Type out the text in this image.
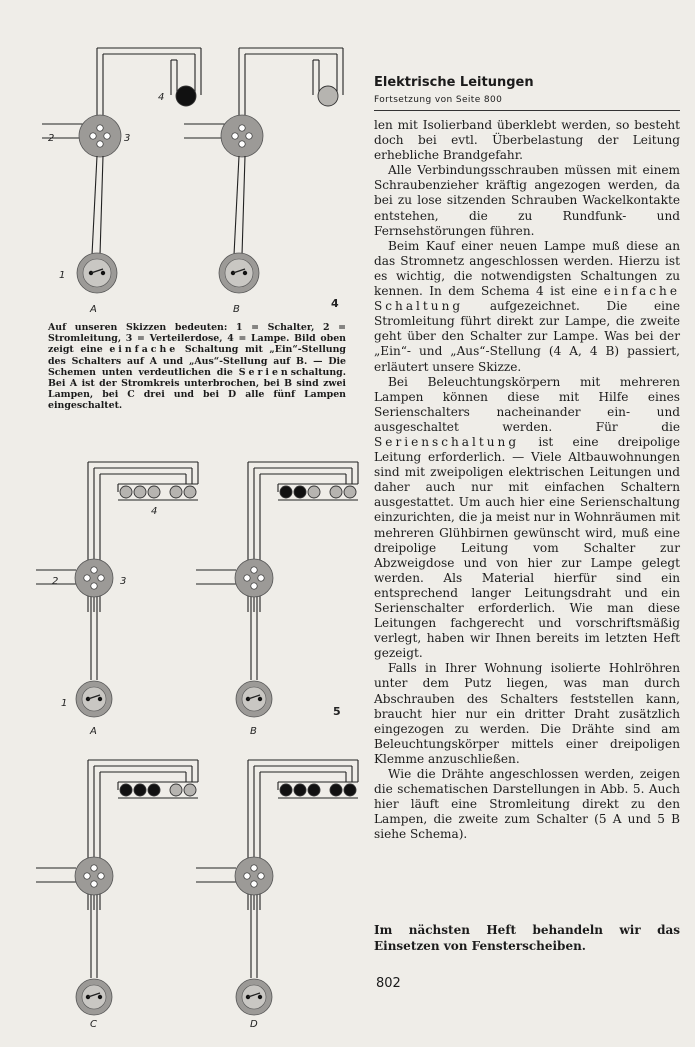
4
2	3
1
A	B	4
4
2	3
1
A	B
C	D
5
Elektrische Leitungen
Fortsetzung von Seite 800

len mit Isolierband überklebt werden, so besteht doch bei evtl. Überbelastung der Leitung erhebliche Brandgefahr.

Alle Verbindungsschrauben müssen mit einem Schraubenzieher kräftig angezogen werden, da bei zu lose sitzenden Schrauben Wackelkontakte entstehen, die zu Rundfunk- und Fernsehstörungen führen.

Beim Kauf einer neuen Lampe muß diese an das Stromnetz angeschlossen werden. Hierzu ist es wichtig, die notwendigsten Schaltungen zu kennen. In dem Schema 4 ist eine einfache Schaltung aufgezeichnet. Die eine Stromleitung führt direkt zur Lampe, die zweite geht über den Schalter zur Lampe. Was bei der „Ein“- und „Aus“-Stellung (4 A, 4 B) passiert, erläutert unsere Skizze.

Bei Beleuchtungskörpern mit mehreren Lampen können diese mit Hilfe eines Serienschalters nacheinander ein- und ausgeschaltet werden. Für die Serienschaltung ist eine dreipolige Leitung erforderlich. — Viele Altbauwohnungen sind mit zweipoligen elektrischen Leitungen und daher auch nur mit einfachen Schaltern ausgestattet. Um auch hier eine Serienschaltung einzurichten, die ja meist nur in Wohnräumen mit mehreren Glühbirnen gewünscht wird, muß eine dreipolige Leitung vom Schalter zur Abzweigdose und von hier zur Lampe gelegt werden. Als Material hierfür sind ein entsprechend langer Leitungsdraht und ein Serienschalter erforderlich. Wie man diese Leitungen fachgerecht und vorschriftsmäßig verlegt, haben wir Ihnen bereits im letzten Heft gezeigt.

Falls in Ihrer Wohnung isolierte Hohlröhren unter dem Putz liegen, was man durch Abschrauben des Schalters feststellen kann, braucht hier nur ein dritter Draht zusätzlich eingezogen zu werden. Die Drähte sind am Beleuchtungskörper mittels einer dreipoligen Klemme anzuschließen.

Wie die Drähte angeschlossen werden, zeigen die schematischen Darstellungen in Abb. 5. Auch hier läuft eine Stromleitung direkt zu den Lampen, die zweite zum Schalter (5 A und 5 B siehe Schema).

Auf unseren Skizzen bedeuten: 1 = Schalter, 2 = Stromleitung, 3 = Verteilerdose, 4 = Lampe. Bild oben zeigt eine einfache Schaltung mit „Ein“-Stellung des Schalters auf A und „Aus“-Stellung auf B. — Die Schemen unten verdeutlichen die Serienschaltung. Bei A ist der Stromkreis unterbrochen, bei B sind zwei Lampen, bei C drei und bei D alle fünf Lampen eingeschaltet.
Im nächsten Heft behandeln wir das Einsetzen von Fensterscheiben.
802
